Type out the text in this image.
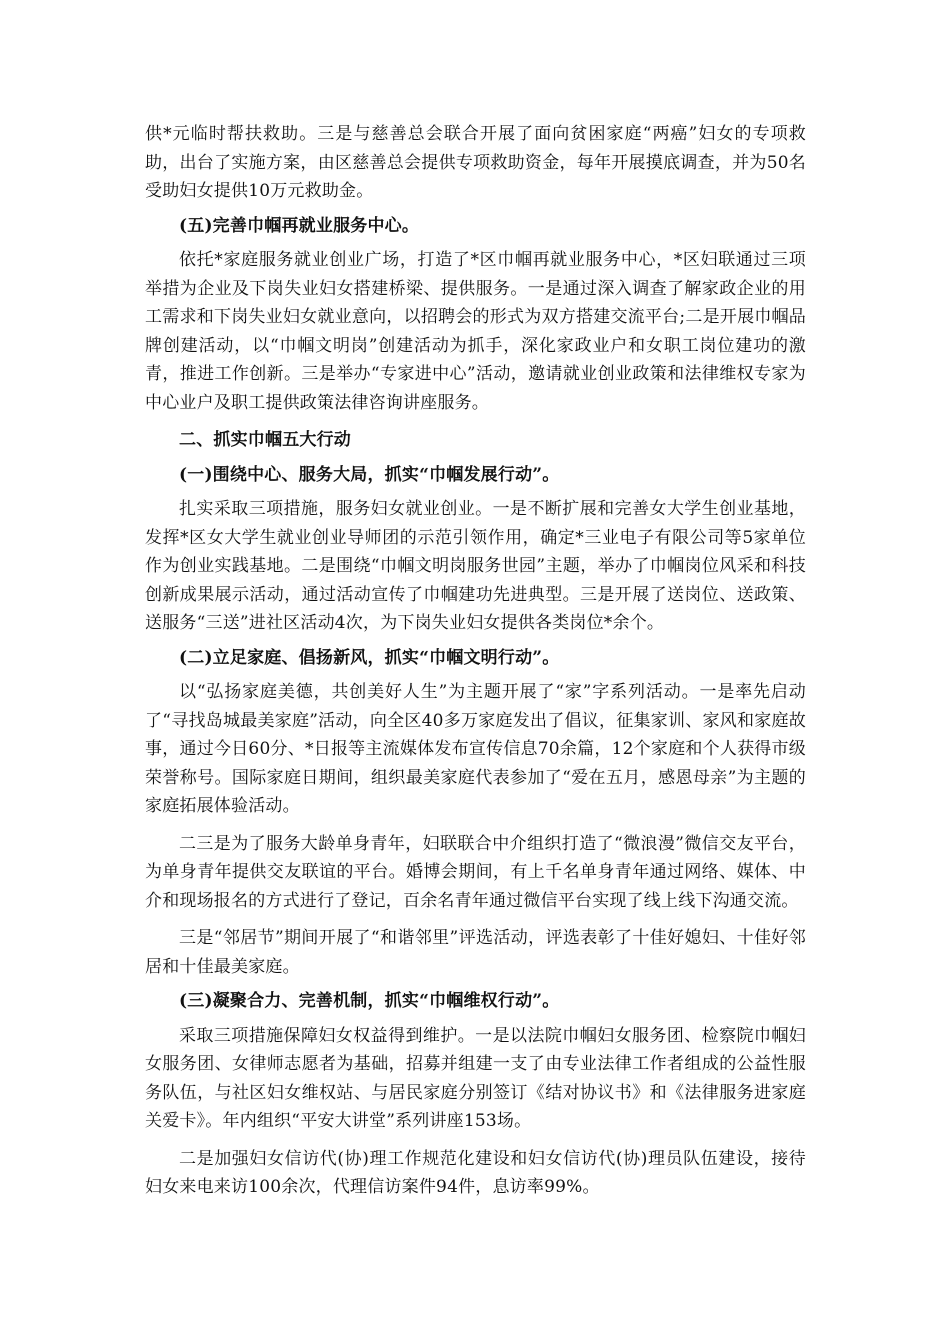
供*元临时帮扶救助。三是与慈善总会联合开展了面向贫困家庭“两癌”妇女的专项救助，出台了实施方案，由区慈善总会提供专项救助资金，每年开展摸底调查，并为50名受助妇女提供10万元救助金。

(五)完善巾帼再就业服务中心。

依托*家庭服务就业创业广场，打造了*区巾帼再就业服务中心，*区妇联通过三项举措为企业及下岗失业妇女搭建桥梁、提供服务。一是通过深入调查了解家政企业的用工需求和下岗失业妇女就业意向，以招聘会的形式为双方搭建交流平台;二是开展巾帼品牌创建活动，以“巾帼文明岗”创建活动为抓手，深化家政业户和女职工岗位建功的激青，推进工作创新。三是举办“专家进中心”活动，邀请就业创业政策和法律维权专家为中心业户及职工提供政策法律咨询讲座服务。

二、抓实巾帼五大行动

(一)围绕中心、服务大局，抓实“巾帼发展行动”。

扎实采取三项措施，服务妇女就业创业。一是不断扩展和完善女大学生创业基地，发挥*区女大学生就业创业导师团的示范引领作用，确定*三业电子有限公司等5家单位作为创业实践基地。二是围绕“巾帼文明岗服务世园”主题，举办了巾帼岗位风采和科技创新成果展示活动，通过活动宣传了巾帼建功先进典型。三是开展了送岗位、送政策、送服务“三送”进社区活动4次，为下岗失业妇女提供各类岗位*余个。

(二)立足家庭、倡扬新风，抓实“巾帼文明行动”。

以“弘扬家庭美德，共创美好人生”为主题开展了“家”字系列活动。一是率先启动了“寻找岛城最美家庭”活动，向全区40多万家庭发出了倡议，征集家训、家风和家庭故事，通过今日60分、*日报等主流媒体发布宣传信息70余篇，12个家庭和个人获得市级荣誉称号。国际家庭日期间，组织最美家庭代表参加了“爱在五月，感恩母亲”为主题的家庭拓展体验活动。

二三是为了服务大龄单身青年，妇联联合中介组织打造了“微浪漫”微信交友平台，为单身青年提供交友联谊的平台。婚博会期间，有上千名单身青年通过网络、媒体、中介和现场报名的方式进行了登记，百余名青年通过微信平台实现了线上线下沟通交流。

三是“邻居节”期间开展了“和谐邻里”评选活动，评选表彰了十佳好媳妇、十佳好邻居和十佳最美家庭。

(三)凝聚合力、完善机制，抓实“巾帼维权行动”。

采取三项措施保障妇女权益得到维护。一是以法院巾帼妇女服务团、检察院巾帼妇女服务团、女律师志愿者为基础，招募并组建一支了由专业法律工作者组成的公益性服务队伍，与社区妇女维权站、与居民家庭分别签订《结对协议书》和《法律服务进家庭关爱卡》。年内组织“平安大讲堂”系列讲座153场。

二是加强妇女信访代(协)理工作规范化建设和妇女信访代(协)理员队伍建设，接待妇女来电来访100余次，代理信访案件94件，息访率99%。
